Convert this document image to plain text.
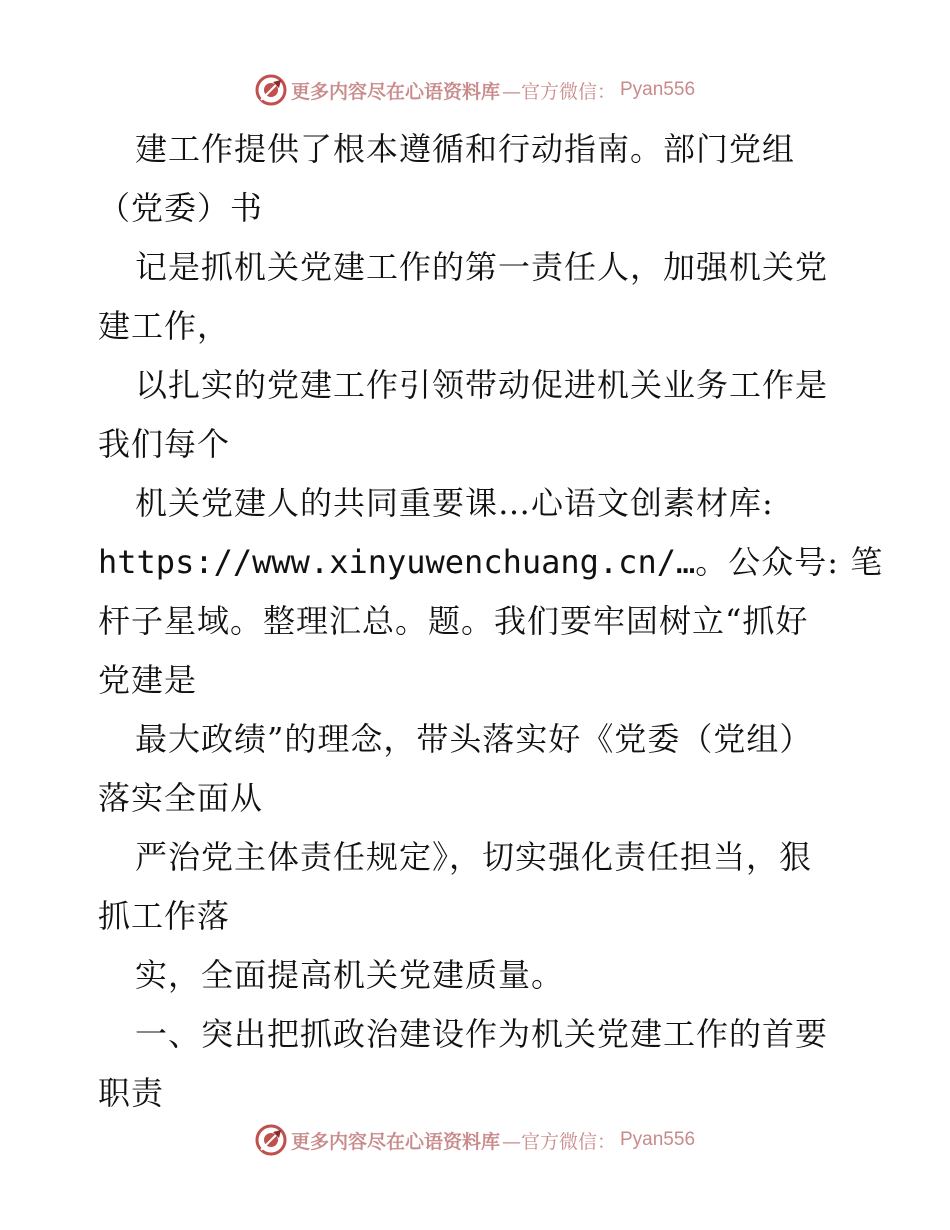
更多内容尽在心语资料库 —官方微信： Pyan556
建工作提供了根本遵循和行动指南。部门党组
（党委）书
记是抓机关党建工作的第一责任人，加强机关党
建工作，
以扎实的党建工作引领带动促进机关业务工作是
我们每个
机关党建人的共同重要课…心语文创素材库:
https://www.xinyuwenchuang.cn/…。公众号: 笔
杆子星域。整理汇总。题。我们要牢固树立“抓好
党建是
最大政绩”的理念，带头落实好《党委（党组）
落实全面从
严治党主体责任规定》，切实强化责任担当，狠
抓工作落
实，全面提高机关党建质量。
一、突出把抓政治建设作为机关党建工作的首要
职责
更多内容尽在心语资料库 —官方微信： Pyan556
